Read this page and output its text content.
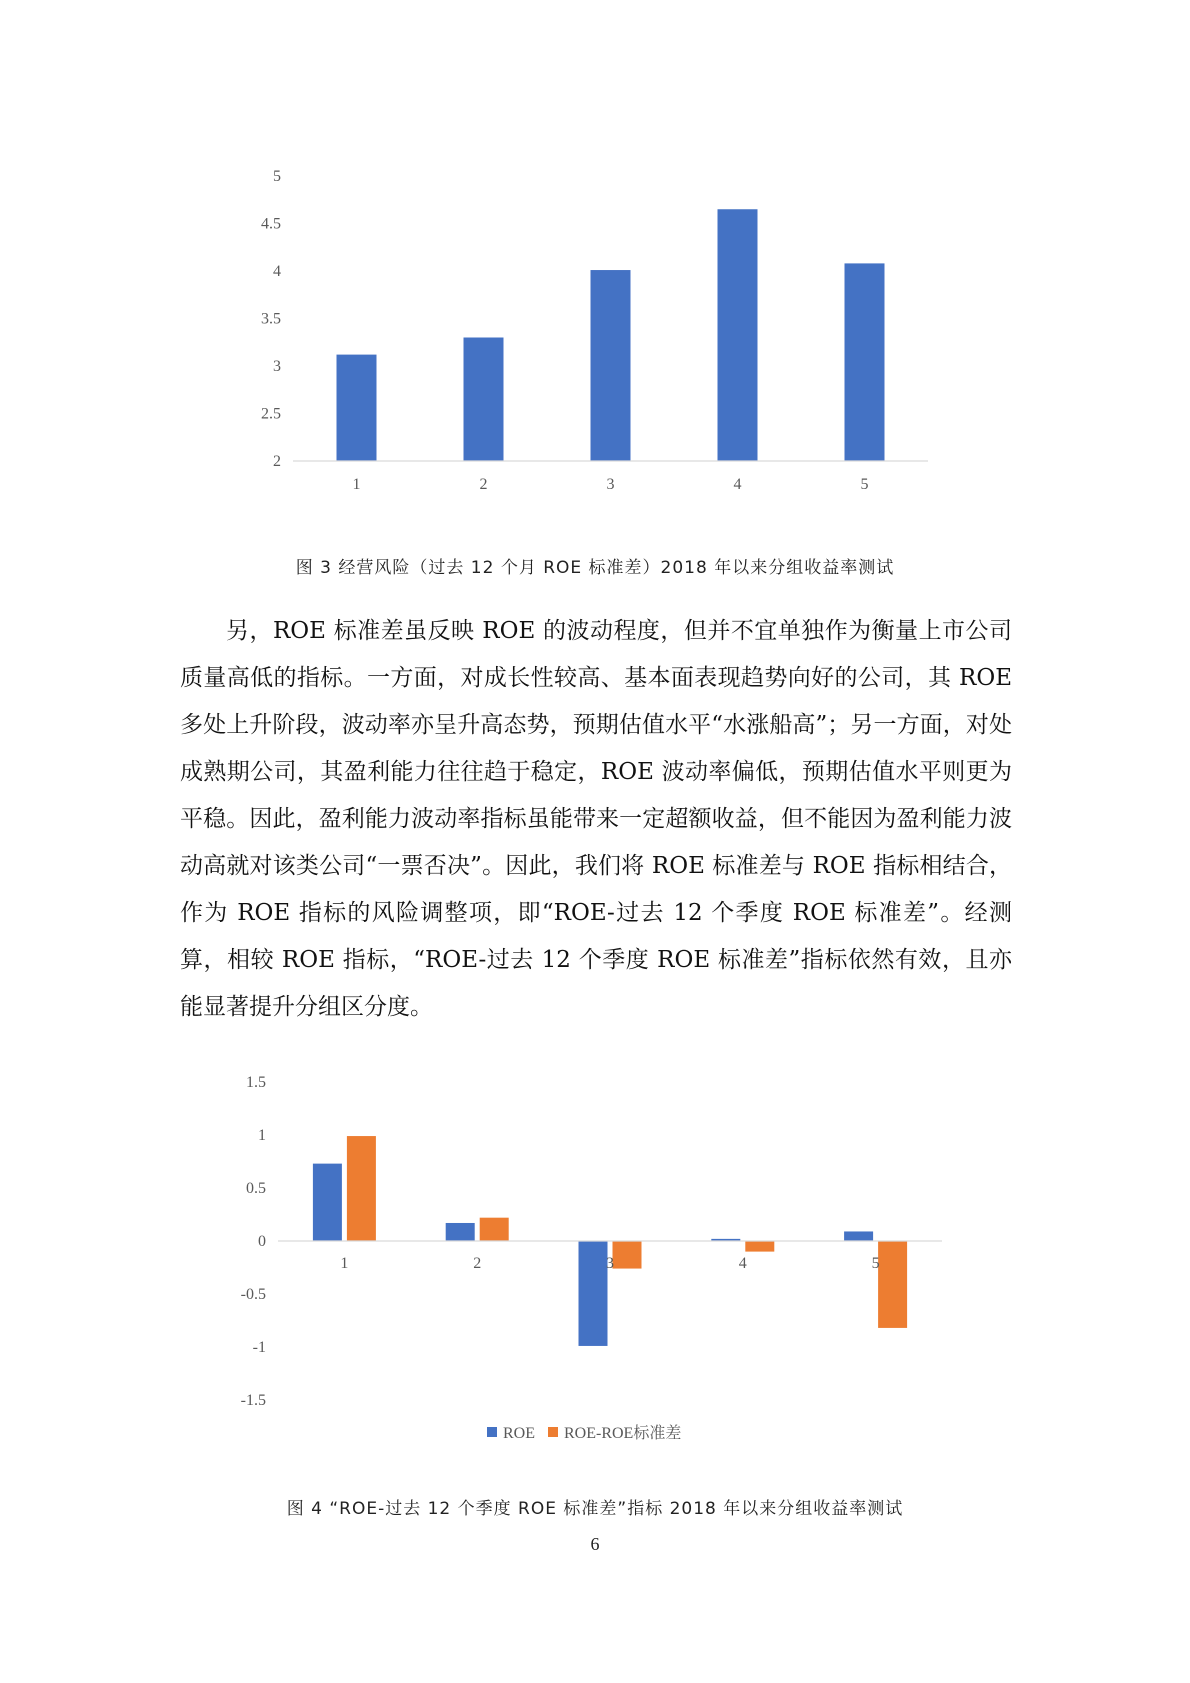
5
4.5
4
3.5
3
2.5
2
1	2	3	4	5
图 3 经营风险（过去 12 个月 ROE 标准差）2018 年以来分组收益率测试

另，ROE 标准差虽反映 ROE 的波动程度，但并不宜单独作为衡量上市公司质量高低的指标。一方面，对成长性较高、基本面表现趋势向好的公司，其 ROE 多处上升阶段，波动率亦呈升高态势，预期估值水平“水涨船高”；另一方面，对处成熟期公司，其盈利能力往往趋于稳定，ROE 波动率偏低，预期估值水平则更为平稳。因此，盈利能力波动率指标虽能带来一定超额收益，但不能因为盈利能力波动高就对该类公司“一票否决”。因此，我们将 ROE 标准差与 ROE 指标相结合，作为 ROE 指标的风险调整项，即“ROE-过去 12 个季度 ROE 标准差”。经测算，相较 ROE 指标，“ROE-过去 12 个季度 ROE 标准差”指标依然有效，且亦能显著提升分组区分度。

1.5
1
0.5
0
-0.5
-1
-1.5
1	2	3	4	5
ROE ROE-ROE标准差
图 4 “ROE-过去 12 个季度 ROE 标准差”指标 2018 年以来分组收益率测试
6
